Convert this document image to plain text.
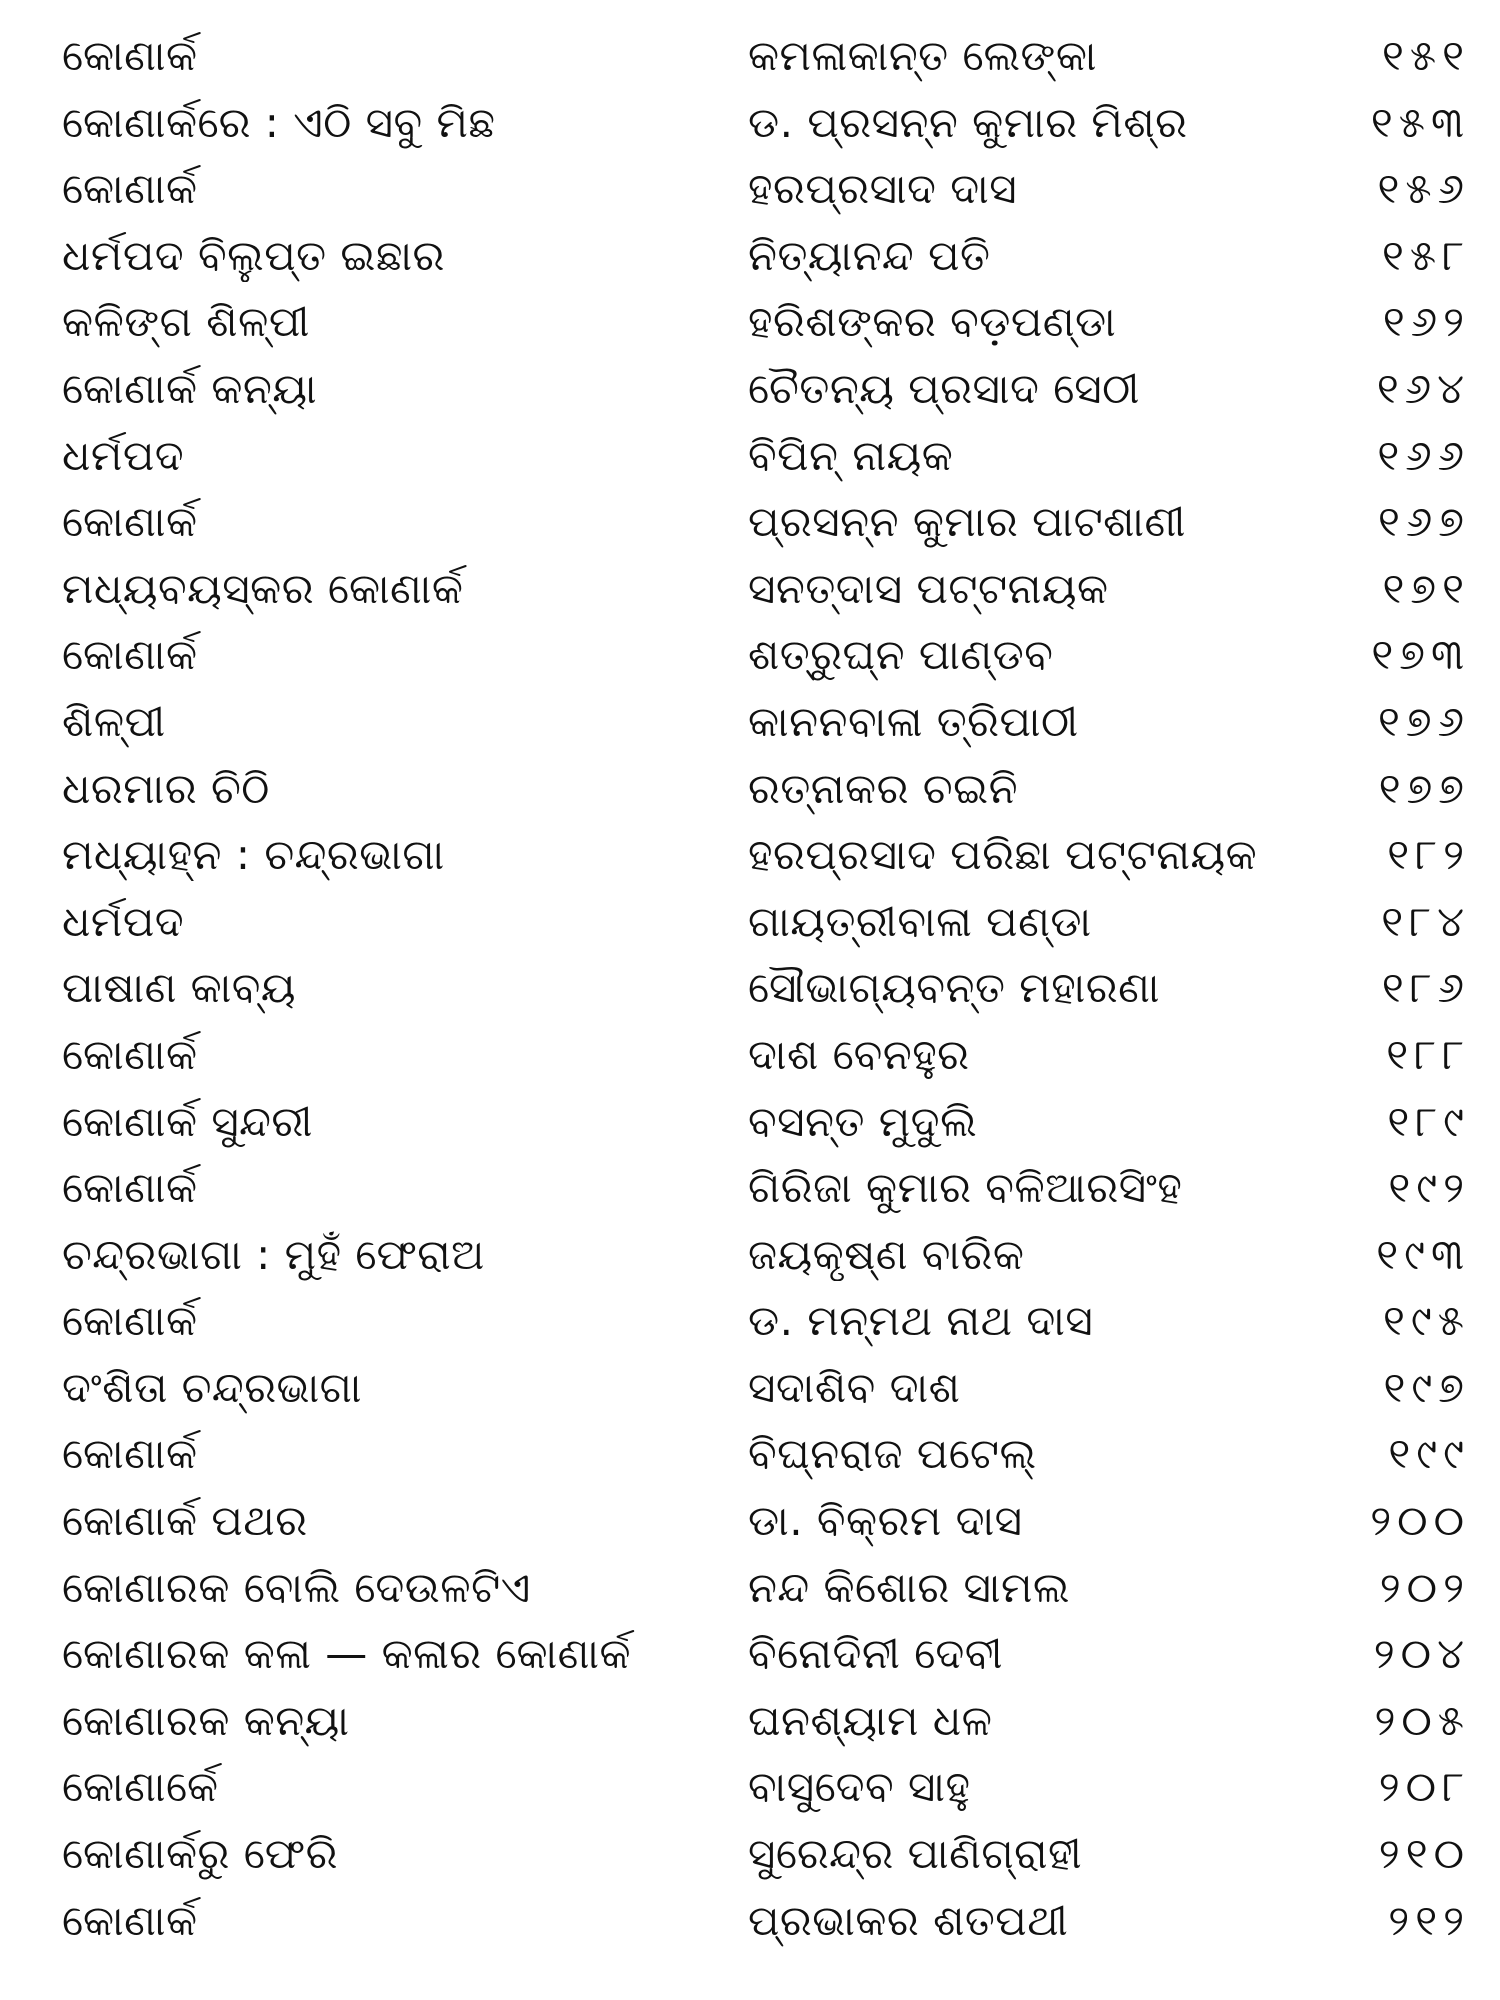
କୋଣାର୍କ	କମଳାକାନ୍ତ ଲେଙ୍କା	୧୫୧
କୋଣାର୍କରେ : ଏଠି ସବୁ ମିଛ	ଡ. ପ୍ରସନ୍ନ କୁମାର ମିଶ୍ର	୧୫୩
କୋଣାର୍କ	ହରପ୍ରସାଦ ଦାସ	୧୫୬
ଧର୍ମପଦ ବିଲୁପ୍ତ ଇଛାର	ନିତ୍ୟାନନ୍ଦ ପତି	୧୫୮
କଳିଙ୍ଗ ଶିଳ୍ପୀ	ହରିଶଙ୍କର ବଡ଼ପଣ୍ଡା	୧୬୨
କୋଣାର୍କ କନ୍ୟା	ଚୈତନ୍ୟ ପ୍ରସାଦ ସେଠୀ	୧୬୪
ଧର୍ମପଦ	ବିପିନ୍ ନାୟକ	୧୬୬
କୋଣାର୍କ	ପ୍ରସନ୍ନ କୁମାର ପାଟଶାଣୀ	୧୬୭
ମଧ୍ୟବୟସ୍କର କୋଣାର୍କ	ସନତ୍‌ଦାସ ପଟ୍ଟନାୟକ	୧୭୧
କୋଣାର୍କ	ଶତ୍ରୁଘ୍ନ ପାଣ୍ଡବ	୧୭୩
ଶିଳ୍ପୀ	କାନନବାଳା ତ୍ରିପାଠୀ	୧୭୬
ଧରମାର ଚିଠି	ରତ୍ନାକର ଚଇନି	୧୭୭
ମଧ୍ୟାହ୍ନ : ଚନ୍ଦ୍ରଭାଗା	ହରପ୍ରସାଦ ପରିଛା ପଟ୍ଟନାୟକ	୧୮୨
ଧର୍ମପଦ	ଗାୟତ୍ରୀବାଳା ପଣ୍ଡା	୧୮୪
ପାଷାଣ କାବ୍ୟ	ସୌଭାଗ୍ୟବନ୍ତ ମହାରଣା	୧୮୬
କୋଣାର୍କ	ଦାଶ ବେନହୁର	୧୮୮
କୋଣାର୍କ ସୁନ୍ଦରୀ	ବସନ୍ତ ମୁଦୁଲି	୧୮୯
କୋଣାର୍କ	ଗିରିଜା କୁମାର ବଳିଆରସିଂହ	୧୯୨
ଚନ୍ଦ୍ରଭାଗା : ମୁହଁ ଫେରାଅ	ଜୟକୃଷ୍ଣ ବାରିକ	୧୯୩
କୋଣାର୍କ	ଡ. ମନ୍ମଥ ନାଥ ଦାସ	୧୯୫
ଦଂଶିତା ଚନ୍ଦ୍ରଭାଗା	ସଦାଶିବ ଦାଶ	୧୯୭
କୋଣାର୍କ	ବିଘ୍ନରାଜ ପଟେଲ୍	୧୯୯
କୋଣାର୍କ ପଥର	ଡା. ବିକ୍ରମ ଦାସ	୨୦୦
କୋଣାରକ ବୋଲି ଦେଉଳଟିଏ	ନନ୍ଦ କିଶୋର ସାମଲ	୨୦୨
କୋଣାରକ କଳା — କଳାର କୋଣାର୍କ	ବିନୋଦିନୀ ଦେବୀ	୨୦୪
କୋଣାରକ କନ୍ୟା	ଘନଶ୍ୟାମ ଧଳ	୨୦୫
କୋଣାର୍କେ	ବାସୁଦେବ ସାହୁ	୨୦୮
କୋଣାର୍କରୁ ଫେରି	ସୁରେନ୍ଦ୍ର ପାଣିଗ୍ରାହୀ	୨୧୦
କୋଣାର୍କ	ପ୍ରଭାକର ଶତପଥୀ	୨୧୨
